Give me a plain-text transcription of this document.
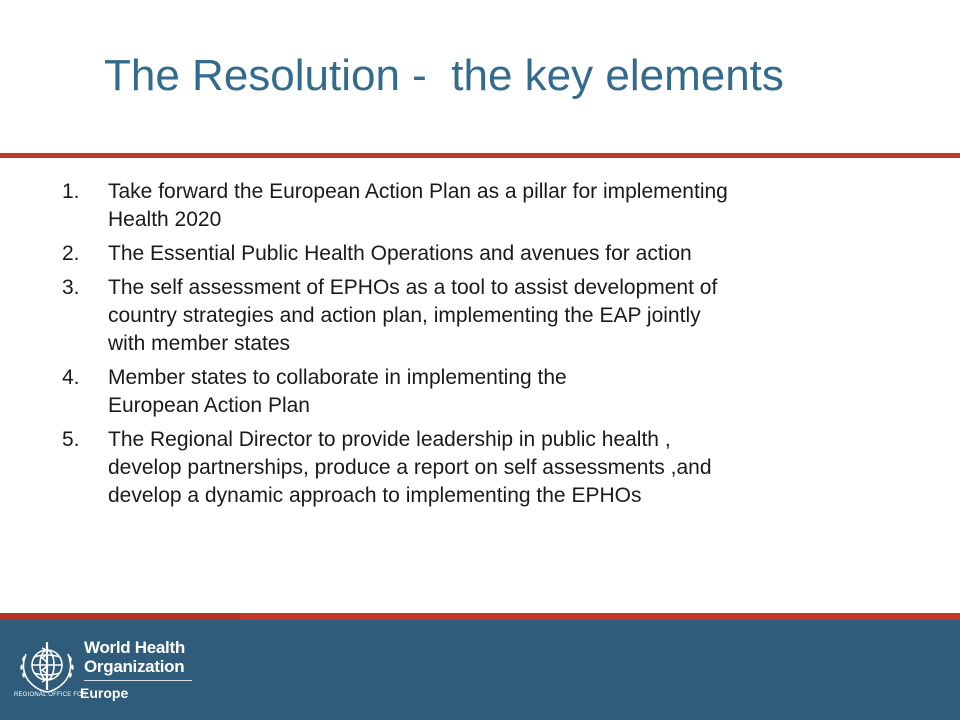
The Resolution -  the key elements
1.	Take forward the European Action Plan as a pillar for implementing
Health 2020
2.	The Essential Public Health Operations and avenues for action
3.	The self assessment of EPHOs as a tool to assist development of
country strategies and action plan, implementing the EAP jointly
with member states
4.	Member states to collaborate in implementing the
European Action Plan
5.	The Regional Director to provide leadership in public health ,
develop partnerships, produce a report on self assessments ,and
develop a dynamic approach to implementing the EPHOs
World Health
Organization
REGIONAL OFFICE FOR
Europe
